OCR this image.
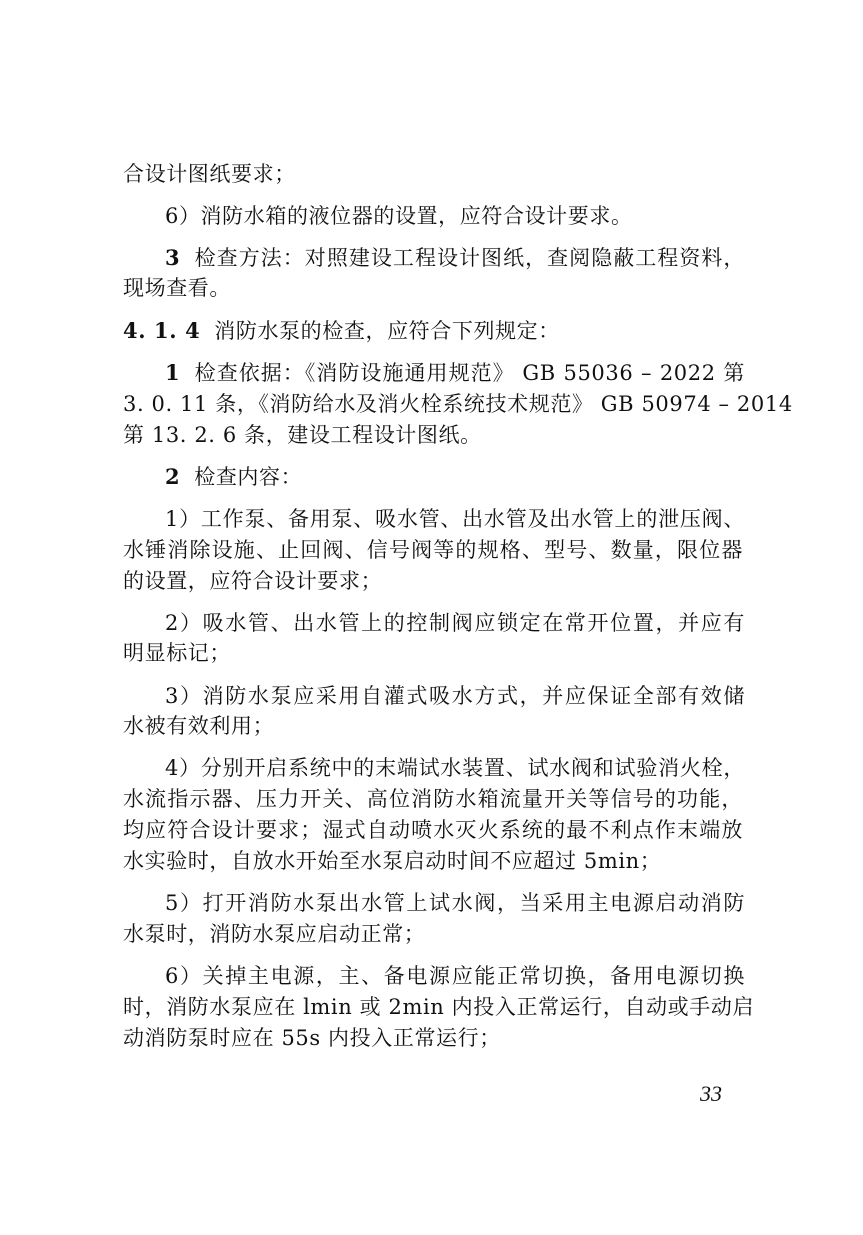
合设计图纸要求；
6）消防水箱的液位器的设置，应符合设计要求。
3 检查方法：对照建设工程设计图纸，查阅隐蔽工程资料，
现场查看。
4. 1. 4 消防水泵的检查，应符合下列规定：
1 检查依据：《消防设施通用规范》 GB 55036 – 2022 第
3. 0. 11 条，《消防给水及消火栓系统技术规范》 GB 50974 – 2014
第 13. 2. 6 条，建设工程设计图纸。
2 检查内容：
1）工作泵、备用泵、吸水管、出水管及出水管上的泄压阀、
水锤消除设施、止回阀、信号阀等的规格、型号、数量，限位器
的设置，应符合设计要求；
2）吸水管、出水管上的控制阀应锁定在常开位置，并应有
明显标记；
3）消防水泵应采用自灌式吸水方式，并应保证全部有效储
水被有效利用；
4）分别开启系统中的末端试水装置、试水阀和试验消火栓，
水流指示器、压力开关、高位消防水箱流量开关等信号的功能，
均应符合设计要求；湿式自动喷水灭火系统的最不利点作末端放
水实验时，自放水开始至水泵启动时间不应超过 5min；
5）打开消防水泵出水管上试水阀，当采用主电源启动消防
水泵时，消防水泵应启动正常；
6）关掉主电源，主、备电源应能正常切换，备用电源切换
时，消防水泵应在 lmin 或 2min 内投入正常运行，自动或手动启
动消防泵时应在 55s 内投入正常运行；
33
